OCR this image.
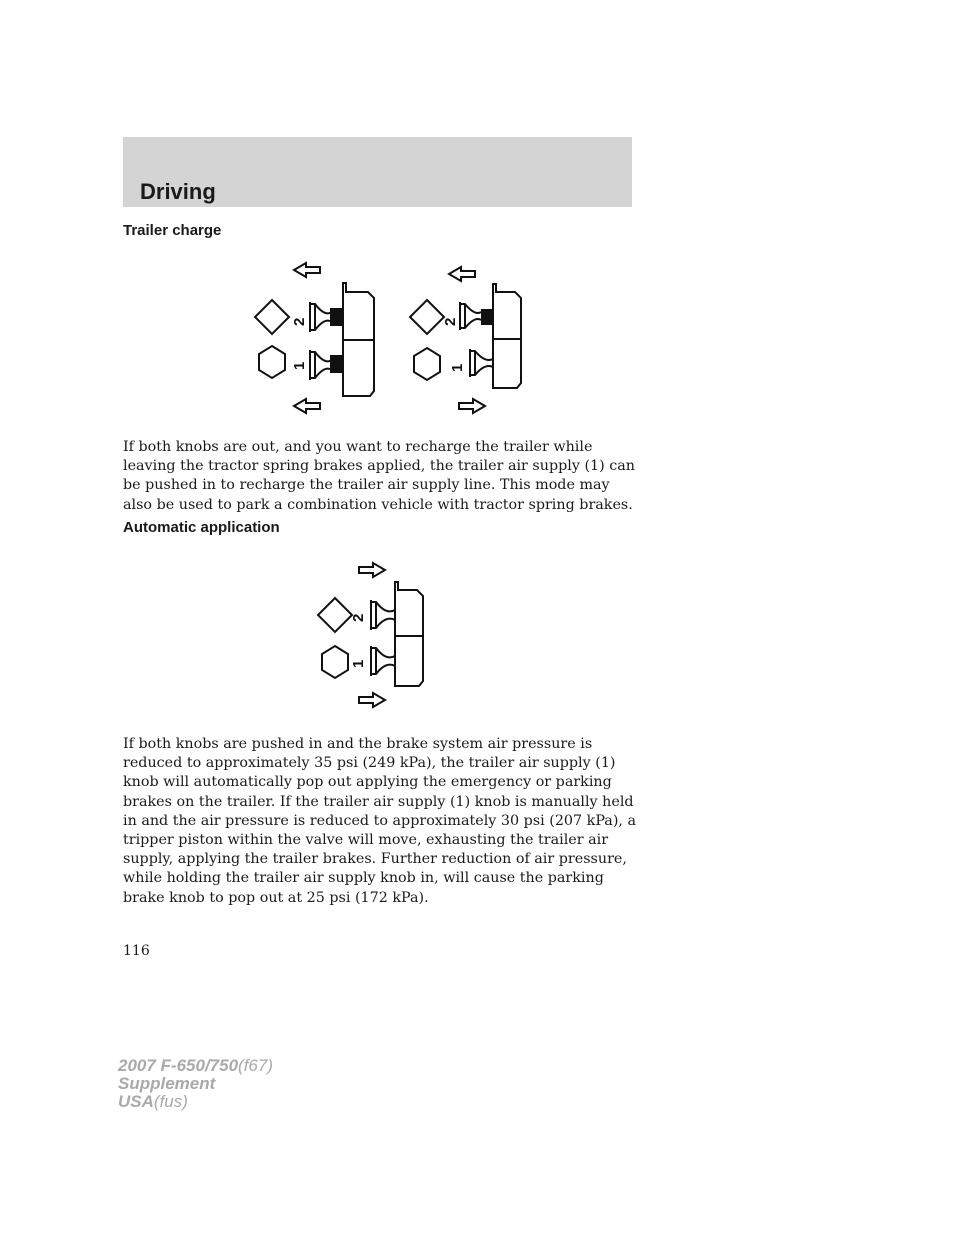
Driving
Trailer charge
2
1
2
1

If both knobs are out, and you want to recharge the trailer while leaving the tractor spring brakes applied, the trailer air supply (1) can be pushed in to recharge the trailer air supply line. This mode may also be used to park a combination vehicle with tractor spring brakes.

Automatic application
2
1

If both knobs are pushed in and the brake system air pressure is reduced to approximately 35 psi (249 kPa), the trailer air supply (1) knob will automatically pop out applying the emergency or parking brakes on the trailer. If the trailer air supply (1) knob is manually held in and the air pressure is reduced to approximately 30 psi (207 kPa), a tripper piston within the valve will move, exhausting the trailer air supply, applying the trailer brakes. Further reduction of air pressure, while holding the trailer air supply knob in, will cause the parking brake knob to pop out at 25 psi (172 kPa).

116

2007 F-650/750(f67)
Supplement
USA(fus)
